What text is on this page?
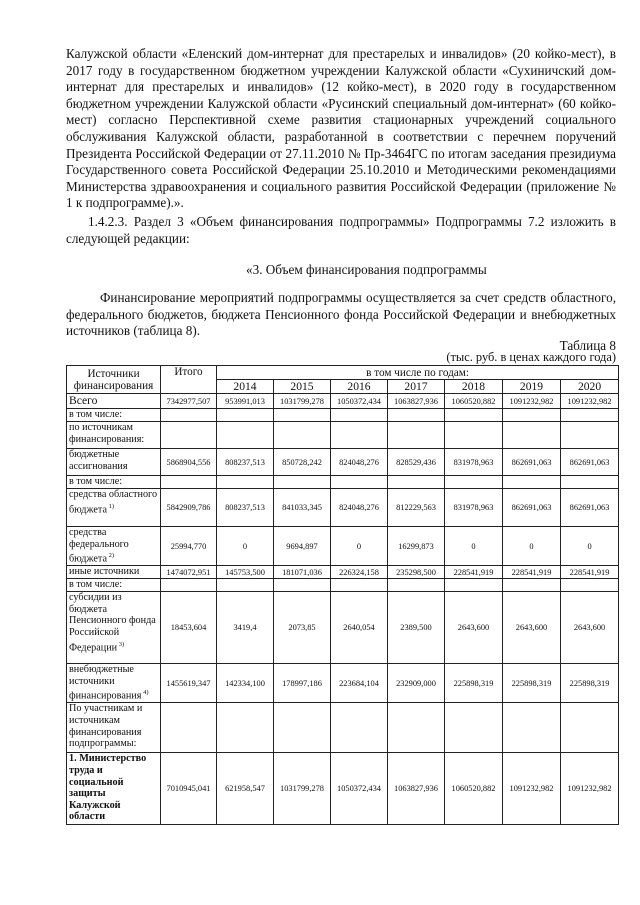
Калужской области «Еленский дом-интернат для престарелых и инвалидов» (20 койко-мест), в 2017 году в государственном бюджетном учреждении Калужской области «Сухиничский дом-интернат для престарелых и инвалидов» (12 койко-мест), в 2020 году в государственном бюджетном учреждении Калужской области «Русинский специальный дом-интернат» (60 койко-мест) согласно Перспективной схеме развития стационарных учреждений социального обслуживания Калужской области, разработанной в соответствии с перечнем поручений Президента Российской Федерации от 27.11.2010 № Пр-3464ГС по итогам заседания президиума Государственного совета Российской Федерации 25.10.2010 и Методическими рекомендациями Министерства здравоохранения и социального развития Российской Федерации (приложение № 1 к подпрограмме).».

1.4.2.3. Раздел 3 «Объем финансирования подпрограммы» Подпрограммы 7.2 изложить в следующей редакции:

«3. Объем финансирования подпрограммы

Финансирование мероприятий подпрограммы осуществляется за счет средств областного, федерального бюджетов, бюджета Пенсионного фонда Российской Федерации и внебюджетных источников (таблица 8).

Таблица 8
(тыс. руб. в ценах каждого года)
Источники финансирования	Итого	в том числе по годам:						
		2014	2015	2016	2017	2018	2019	2020
Всего	7342977,507	953991,013	1031799,278	1050372,434	1063827,936	1060520,882	1091232,982	1091232,982
в том числе:								
по источникам финансирования:								
бюджетные ассигнования	5868904,556	808237,513	850728,242	824048,276	828529,436	831978,963	862691,063	862691,063
в том числе:								
средства областного бюджета $^{1)}$	5842909,786	808237,513	841033,345	824048,276	812229,563	831978,963	862691,063	862691,063
средства федерального бюджета $^{2)}$	25994,770	0	9694,897	0	16299,873	0	0	0
иные источники	1474072,951	145753,500	181071,036	226324,158	235298,500	228541,919	228541,919	228541,919
в том числе:								
субсидии из бюджета Пенсионного фонда Российской Федерации $^{3)}$	18453,604	3419,4	2073,85	2640,054	2389,500	2643,600	2643,600	2643,600
внебюджетные источники финансирования $^{4)}$	1455619,347	142334,100	178997,186	223684,104	232909,000	225898,319	225898,319	225898,319
По участникам и источникам финансирования подпрограммы:								
1. Министерство труда и социальной защиты Калужской области	7010945,041	621958,547	1031799,278	1050372,434	1063827,936	1060520,882	1091232,982	1091232,982
